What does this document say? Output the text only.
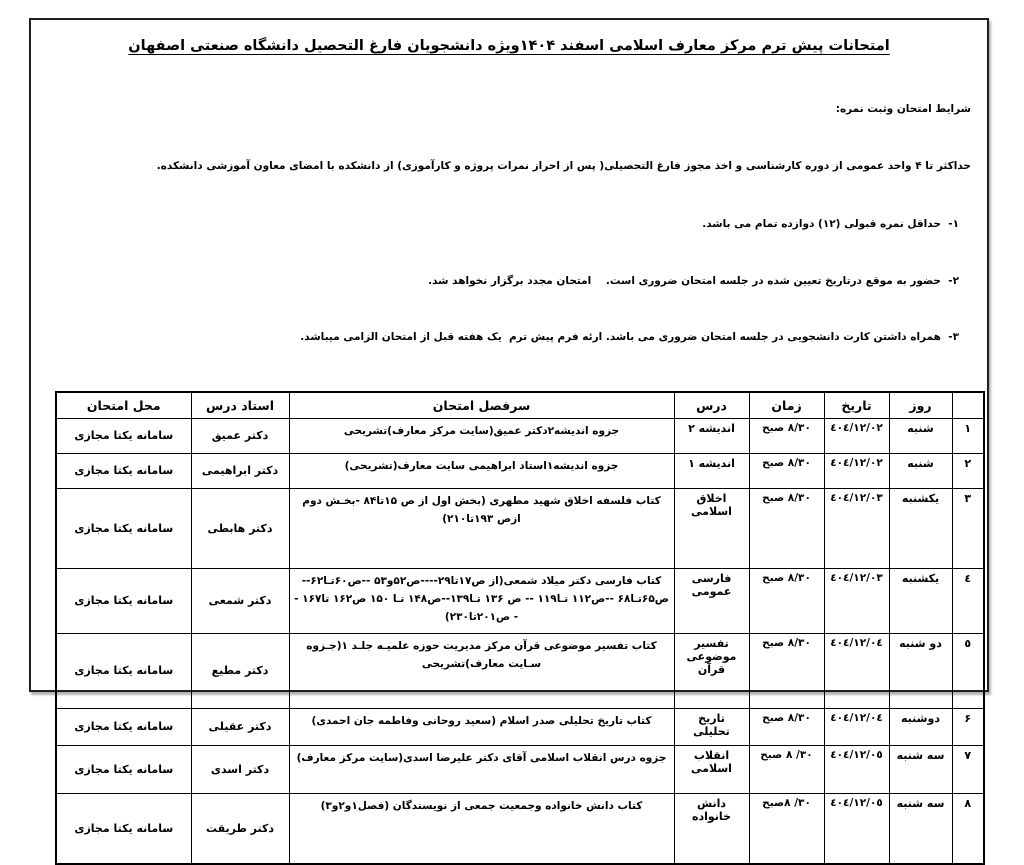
امتحانات پیش ترم مرکز معارف اسلامی اسفند ۱۴۰۴ویژه دانشجویان فارغ التحصیل دانشگاه صنعتی اصفهان

شرایط امتحان وثبت نمره:

حداکثر تا ۴ واحد عمومی از دوره کارشناسی و اخذ مجوز فارغ التحصیلی( پس از احراز نمرات پروژه و کارآموزی) از دانشکده با امضای معاون آموزشی دانشکده.

۱-  حداقل نمره قبولی (۱۲) دوازده تمام می باشد.

۲-  حضور به موقع درتاریخ تعیین شده در جلسه امتحان ضروری است.    امتحان مجدد برگزار نخواهد شد.

۳-  همراه داشتن کارت دانشجویی در جلسه امتحان ضروری می باشد. ارئه فرم پیش ترم  یک هفته قبل از امتحان الزامی میباشد.

	روز	تاریخ	زمان	درس	سرفصل امتحان	استاد درس	محل امتحان
۱	شنبه	٤٠٤/١٢/٠٢	۸/۳۰ صبح	اندیشه ۲	جزوه اندیشه۲دکتر عمیق(سایت مرکز معارف)تشریحی	دکتر عمیق	سامانه یکتا مجازی
۲	شنبه	٤٠٤/١٢/٠٢	۸/۳۰ صبح	اندیشه ۱	جزوه اندیشه۱استاد ابراهیمی سایت معارف(تشریحی)	دکتر ابراهیمی	سامانه یکتا مجازی
۳	یکشنبه	٤٠٤/١٢/٠٣	۸/۳۰ صبح	اخلاق اسلامی	کتاب فلسفه اخلاق شهید مطهری (بخش اول از ص ۱۵تا۸۴ -بخـش دوم ازص ۱۹۳تا۲۱۰)	دکتر هابطی	سامانه یکتا مجازی
٤	یکشنبه	٤٠٤/١٢/٠٣	۸/۳۰ صبح	فارسی عمومی	کتاب فارسی دکتر میلاد شمعی(از ص۱۷تا۲۹----ص۵۲و۵۳ --ص۶۰تـا۶۲-- ص۶۵تـا۶۸ --ص۱۱۲ تـا۱۱۹ -- ص ۱۳۶ تـا۱۳۹--ص۱۴۸ تـا ۱۵۰ ص۱۶۲ تا۱۶۷ -- ص۲۰۱تا۲۳۰)	دکتر شمعی	سامانه یکتا مجازی
٥	دو شنبه	٤٠٤/١٢/٠٤	۸/۳۰ صبح	تفسیر موضوعی قرآن	کتاب تفسیر موضوعی قرآن مرکز مدیریت حوزه علمیـه جلـد ۱(جـزوه سـایت معارف)تشریحی	دکتر مطیع	سامانه یکتا مجازی
۶	دوشنبه	٤٠٤/١٢/٠٤	۸/۳۰ صبح	تاریخ تحلیلی	کتاب تاریخ تحلیلی صدر اسلام (سعید روحانی وفاطمه جان احمدی)	دکتر عقیلی	سامانه یکتا مجازی
۷	سه شنبه	٤٠٤/١٢/٠٥	۳۰/ ۸ صبح	انقلاب اسلامی	جزوه درس انقلاب اسلامی آقای دکتر علیرضا اسدی(سایت مرکز معارف)	دکتر اسدی	سامانه یکتا مجازی
۸	سه شنبه	٤٠٤/١٢/٠٥	۳۰/ ۸صبح	دانش خانواده	کتاب دانش خانواده وجمعیت جمعی از نویسندگان (فصل۱و۲و۳)	دکتر طریقت	سامانه یکتا مجازی
